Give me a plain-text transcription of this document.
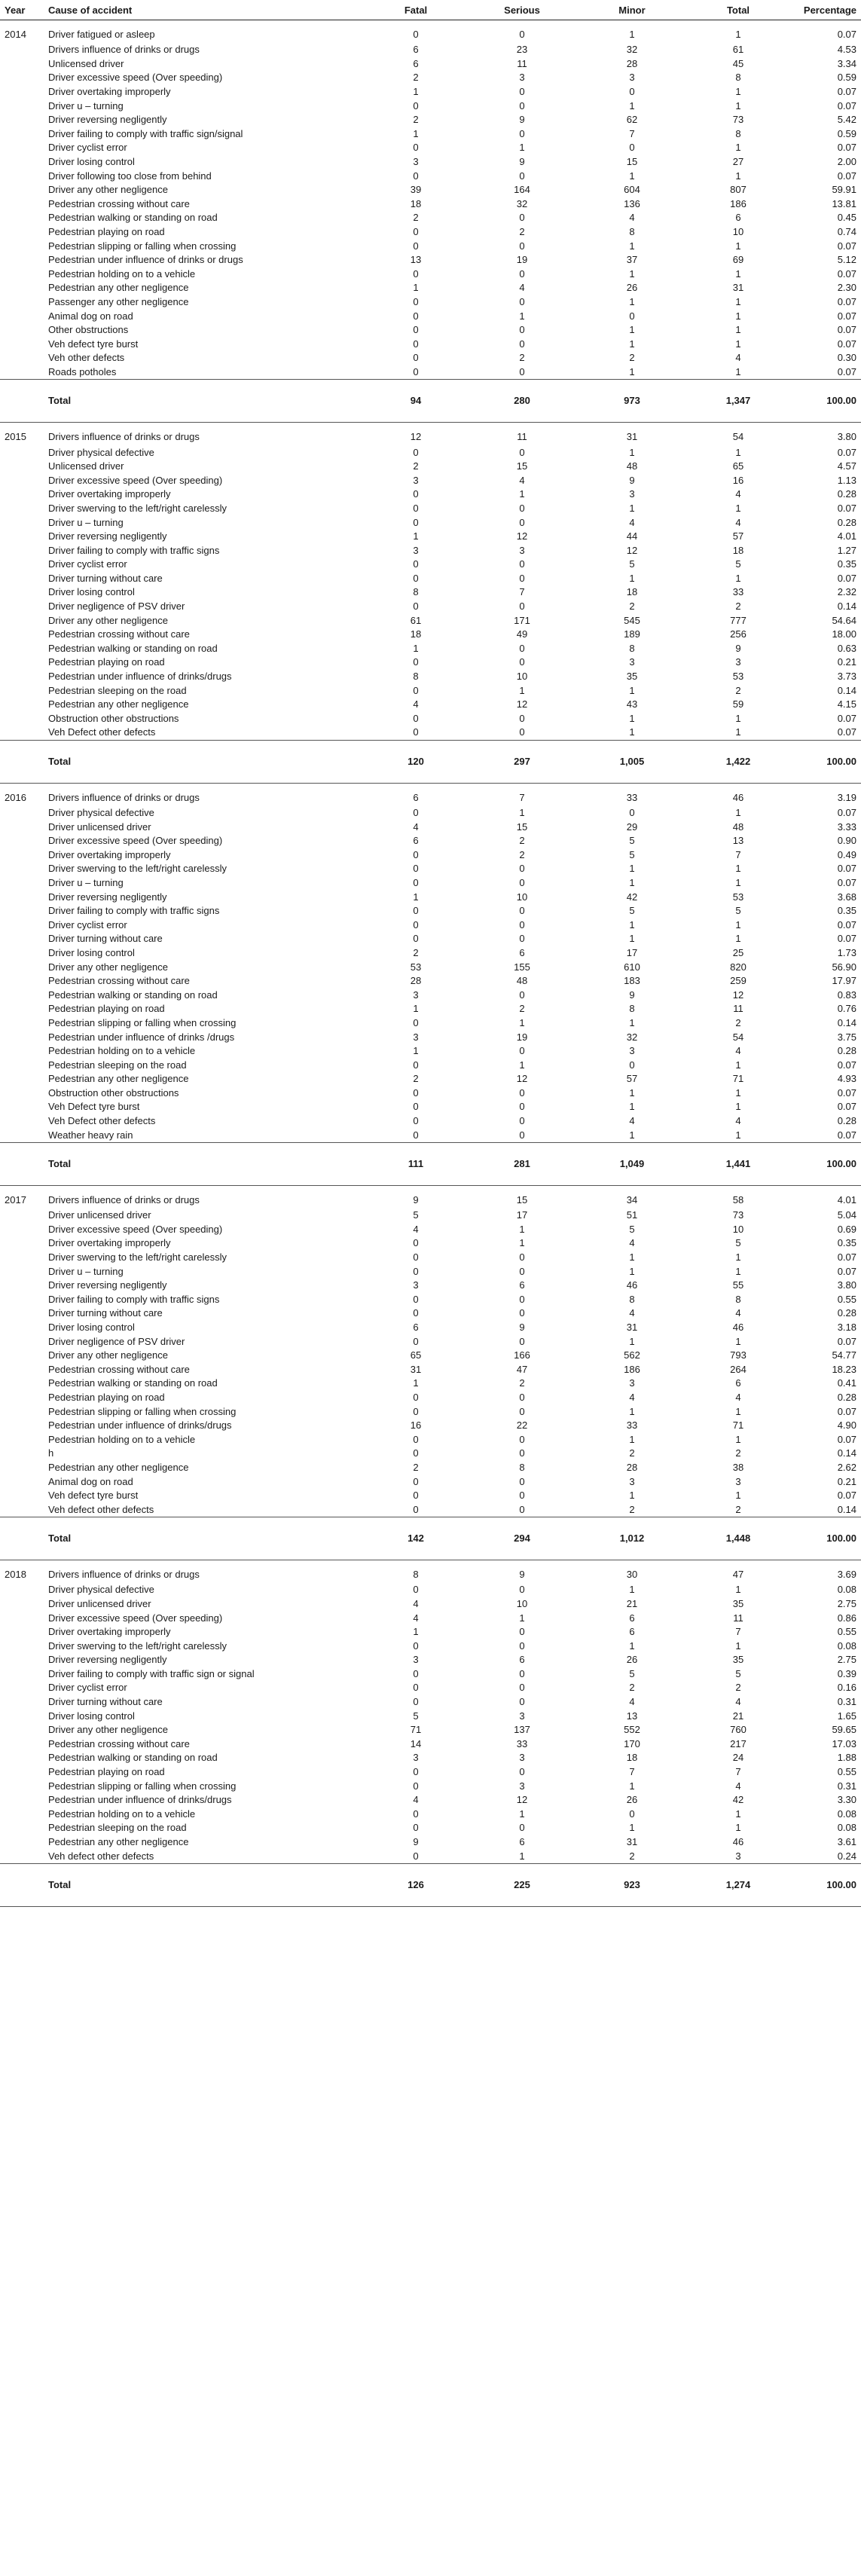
Year	Cause of accident	Fatal	Serious	Minor	Total	Percentage
2014	Driver fatigued or asleep	0	0	1	1	0.07
	Drivers influence of drinks or drugs	6	23	32	61	4.53
	Unlicensed driver	6	11	28	45	3.34
	Driver excessive speed (Over speeding)	2	3	3	8	0.59
	Driver overtaking improperly	1	0	0	1	0.07
	Driver u – turning	0	0	1	1	0.07
	Driver reversing negligently	2	9	62	73	5.42
	Driver failing to comply with traffic sign/signal	1	0	7	8	0.59
	Driver cyclist error	0	1	0	1	0.07
	Driver losing control	3	9	15	27	2.00
	Driver following too close from behind	0	0	1	1	0.07
	Driver any other negligence	39	164	604	807	59.91
	Pedestrian crossing without care	18	32	136	186	13.81
	Pedestrian walking or standing on road	2	0	4	6	0.45
	Pedestrian playing on road	0	2	8	10	0.74
	Pedestrian slipping or falling when crossing	0	0	1	1	0.07
	Pedestrian under influence of drinks or drugs	13	19	37	69	5.12
	Pedestrian holding on to a vehicle	0	0	1	1	0.07
	Pedestrian any other negligence	1	4	26	31	2.30
	Passenger any other negligence	0	0	1	1	0.07
	Animal dog on road	0	1	0	1	0.07
	Other obstructions	0	0	1	1	0.07
	Veh defect tyre burst	0	0	1	1	0.07
	Veh other defects	0	2	2	4	0.30
	Roads potholes	0	0	1	1	0.07
	Total	94	280	973	1,347	100.00
2015	Drivers influence of drinks or drugs	12	11	31	54	3.80
	Driver physical defective	0	0	1	1	0.07
	Unlicensed driver	2	15	48	65	4.57
	Driver excessive speed (Over speeding)	3	4	9	16	1.13
	Driver overtaking improperly	0	1	3	4	0.28
	Driver swerving to the left/right carelessly	0	0	1	1	0.07
	Driver u – turning	0	0	4	4	0.28
	Driver reversing negligently	1	12	44	57	4.01
	Driver failing to comply with traffic signs	3	3	12	18	1.27
	Driver cyclist error	0	0	5	5	0.35
	Driver turning without care	0	0	1	1	0.07
	Driver losing control	8	7	18	33	2.32
	Driver negligence of PSV driver	0	0	2	2	0.14
	Driver any other negligence	61	171	545	777	54.64
	Pedestrian crossing without care	18	49	189	256	18.00
	Pedestrian walking or standing on road	1	0	8	9	0.63
	Pedestrian playing on road	0	0	3	3	0.21
	Pedestrian under influence of drinks/drugs	8	10	35	53	3.73
	Pedestrian sleeping on the road	0	1	1	2	0.14
	Pedestrian any other negligence	4	12	43	59	4.15
	Obstruction other obstructions	0	0	1	1	0.07
	Veh Defect other defects	0	0	1	1	0.07
	Total	120	297	1,005	1,422	100.00
2016	Drivers influence of drinks or drugs	6	7	33	46	3.19
	Driver physical defective	0	1	0	1	0.07
	Driver unlicensed driver	4	15	29	48	3.33
	Driver excessive speed (Over speeding)	6	2	5	13	0.90
	Driver overtaking improperly	0	2	5	7	0.49
	Driver swerving to the left/right carelessly	0	0	1	1	0.07
	Driver u – turning	0	0	1	1	0.07
	Driver reversing negligently	1	10	42	53	3.68
	Driver failing to comply with traffic signs	0	0	5	5	0.35
	Driver cyclist error	0	0	1	1	0.07
	Driver turning without care	0	0	1	1	0.07
	Driver losing control	2	6	17	25	1.73
	Driver any other negligence	53	155	610	820	56.90
	Pedestrian crossing without care	28	48	183	259	17.97
	Pedestrian walking or standing on road	3	0	9	12	0.83
	Pedestrian playing on road	1	2	8	11	0.76
	Pedestrian slipping or falling when crossing	0	1	1	2	0.14
	Pedestrian under influence of drinks /drugs	3	19	32	54	3.75
	Pedestrian holding on to a vehicle	1	0	3	4	0.28
	Pedestrian sleeping on the road	0	1	0	1	0.07
	Pedestrian any other negligence	2	12	57	71	4.93
	Obstruction other obstructions	0	0	1	1	0.07
	Veh Defect tyre burst	0	0	1	1	0.07
	Veh Defect other defects	0	0	4	4	0.28
	Weather heavy rain	0	0	1	1	0.07
	Total	111	281	1,049	1,441	100.00
2017	Drivers influence of drinks or drugs	9	15	34	58	4.01
	Driver unlicensed driver	5	17	51	73	5.04
	Driver excessive speed (Over speeding)	4	1	5	10	0.69
	Driver overtaking improperly	0	1	4	5	0.35
	Driver swerving to the left/right carelessly	0	0	1	1	0.07
	Driver u – turning	0	0	1	1	0.07
	Driver reversing negligently	3	6	46	55	3.80
	Driver failing to comply with traffic signs	0	0	8	8	0.55
	Driver turning without care	0	0	4	4	0.28
	Driver losing control	6	9	31	46	3.18
	Driver negligence of PSV driver	0	0	1	1	0.07
	Driver any other negligence	65	166	562	793	54.77
	Pedestrian crossing without care	31	47	186	264	18.23
	Pedestrian walking or standing on road	1	2	3	6	0.41
	Pedestrian playing on road	0	0	4	4	0.28
	Pedestrian slipping or falling when crossing	0	0	1	1	0.07
	Pedestrian under influence of drinks/drugs	16	22	33	71	4.90
	Pedestrian holding on to a vehicle	0	0	1	1	0.07
	h	0	0	2	2	0.14
	Pedestrian any other negligence	2	8	28	38	2.62
	Animal dog on road	0	0	3	3	0.21
	Veh defect tyre burst	0	0	1	1	0.07
	Veh defect other defects	0	0	2	2	0.14
	Total	142	294	1,012	1,448	100.00
2018	Drivers influence of drinks or drugs	8	9	30	47	3.69
	Driver physical defective	0	0	1	1	0.08
	Driver unlicensed driver	4	10	21	35	2.75
	Driver excessive speed (Over speeding)	4	1	6	11	0.86
	Driver overtaking improperly	1	0	6	7	0.55
	Driver swerving to the left/right carelessly	0	0	1	1	0.08
	Driver reversing negligently	3	6	26	35	2.75
	Driver failing to comply with traffic sign or signal	0	0	5	5	0.39
	Driver cyclist error	0	0	2	2	0.16
	Driver turning without care	0	0	4	4	0.31
	Driver losing control	5	3	13	21	1.65
	Driver any other negligence	71	137	552	760	59.65
	Pedestrian crossing without care	14	33	170	217	17.03
	Pedestrian walking or standing on road	3	3	18	24	1.88
	Pedestrian playing on road	0	0	7	7	0.55
	Pedestrian slipping or falling when crossing	0	3	1	4	0.31
	Pedestrian under influence of drinks/drugs	4	12	26	42	3.30
	Pedestrian holding on to a vehicle	0	1	0	1	0.08
	Pedestrian sleeping on the road	0	0	1	1	0.08
	Pedestrian any other negligence	9	6	31	46	3.61
	Veh defect other defects	0	1	2	3	0.24
	Total	126	225	923	1,274	100.00
